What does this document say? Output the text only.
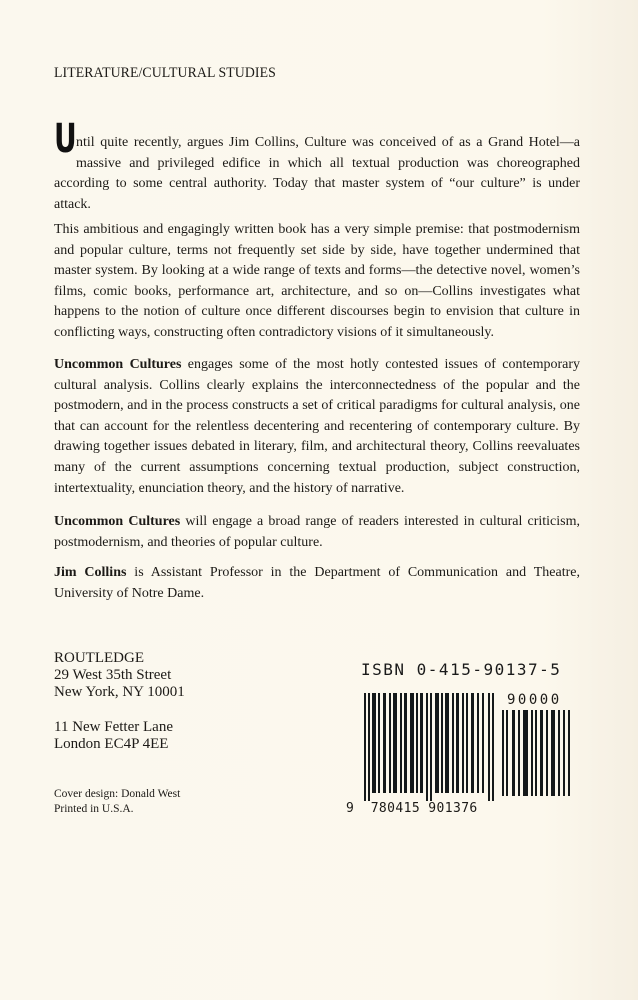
LITERATURE/CULTURAL STUDIES
Until quite recently, argues Jim Collins, Culture was conceived of as a Grand Hotel—a massive and privileged edifice in which all textual production was choreographed according to some central authority. Today that master system of “our culture” is under attack.
This ambitious and engagingly written book has a very simple premise: that postmodernism and popular culture, terms not frequently set side by side, have together undermined that master system. By looking at a wide range of texts and forms—the detective novel, women’s films, comic books, performance art, architecture, and so on—Collins investigates what happens to the notion of culture once different discourses begin to envision that culture in conflicting ways, constructing often contradictory visions of it simultaneously.
Uncommon Cultures engages some of the most hotly contested issues of contemporary cultural analysis. Collins clearly explains the interconnectedness of the popular and the postmodern, and in the process constructs a set of critical paradigms for cultural analysis, one that can account for the relentless decentering and recentering of contemporary culture. By drawing together issues debated in literary, film, and architectural theory, Collins reevaluates many of the current assumptions concerning textual production, subject construction, intertextuality, enunciation theory, and the history of narrative.
Uncommon Cultures will engage a broad range of readers interested in cultural criticism, postmodernism, and theories of popular culture.
Jim Collins is Assistant Professor in the Department of Communication and Theatre, University of Notre Dame.
ROUTLEDGE
29 West 35th Street
New York, NY 10001
11 New Fetter Lane
London EC4P 4EE
Cover design: Donald West
Printed in U.S.A.
ISBN 0-415-90137-5
90000
9 780415 901376
